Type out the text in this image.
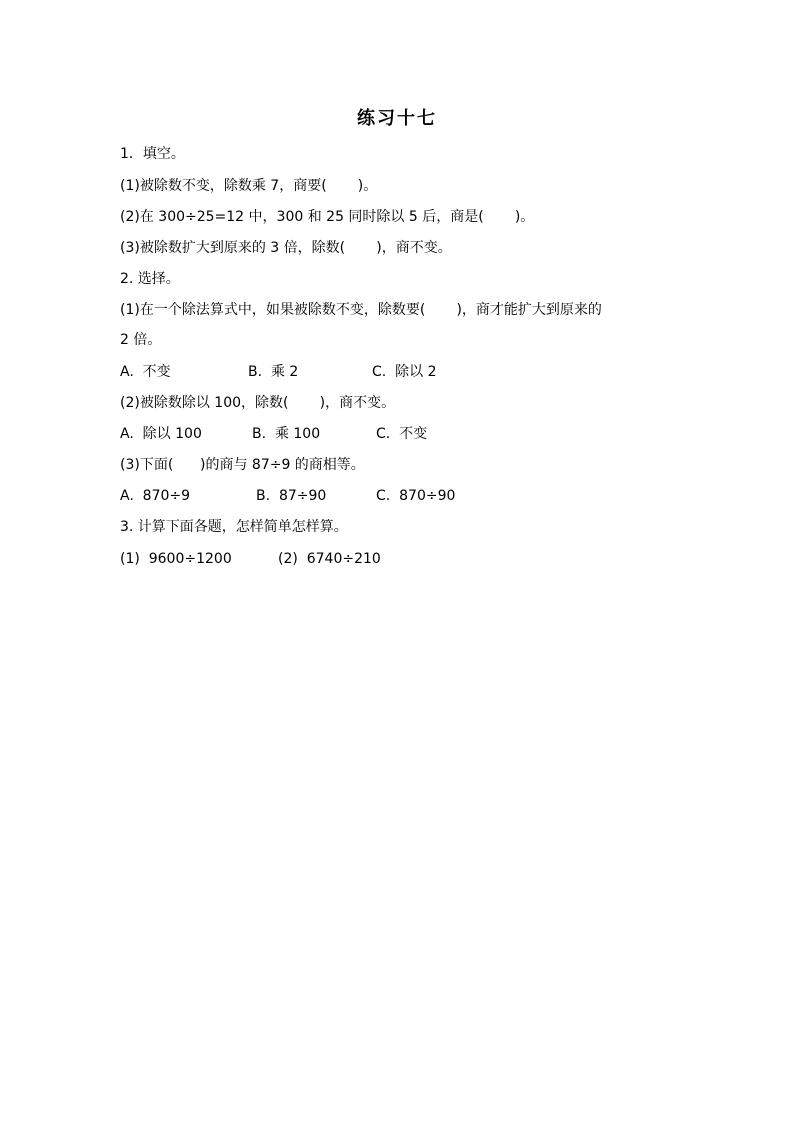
练习十七
1．填空。
(1)被除数不变，除数乘 7，商要(       )。
(2)在 300÷25=12 中，300 和 25 同时除以 5 后，商是(       )。
(3)被除数扩大到原来的 3 倍，除数(       )，商不变。
2. 选择。
(1)在一个除法算式中，如果被除数不变，除数要(       )，商才能扩大到原来的
2 倍。

A.  不变

	B.  乘 2

	C.  除以 2

(2)被除数除以 100，除数(       )，商不变。

A.  除以 100

	B.  乘 100

	C.  不变

(3)下面(      )的商与 87÷9 的商相等。

A.  870÷9

	B.  87÷90

	C.  870÷90

3. 计算下面各题，怎样简单怎样算。

(1)  9600÷1200

	(2)  6740÷210
